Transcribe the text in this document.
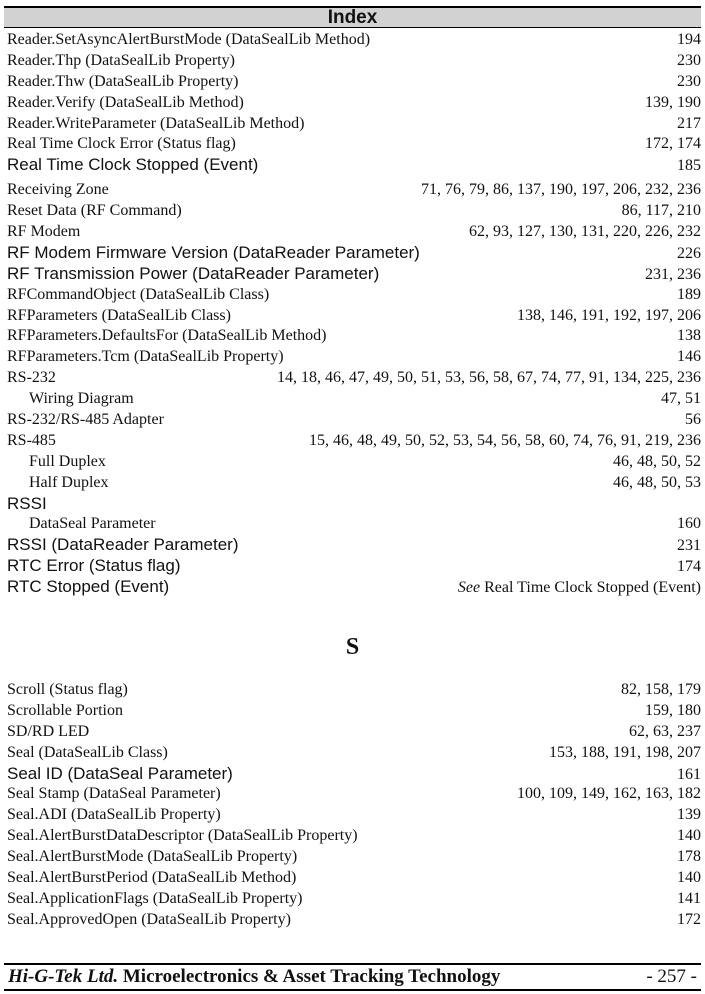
Index
Reader.SetAsyncAlertBurstMode (DataSealLib Method)	194
Reader.Thp (DataSealLib Property)	230
Reader.Thw (DataSealLib Property)	230
Reader.Verify (DataSealLib Method)	139, 190
Reader.WriteParameter (DataSealLib Method)	217
Real Time Clock Error (Status flag)	172, 174
Real Time Clock Stopped (Event)	185
Receiving Zone	71, 76, 79, 86, 137, 190, 197, 206, 232, 236
Reset Data (RF Command)	86, 117, 210
RF Modem	62, 93, 127, 130, 131, 220, 226, 232
RF Modem Firmware Version (DataReader Parameter)	226
RF Transmission Power (DataReader Parameter)	231, 236
RFCommandObject (DataSealLib Class)	189
RFParameters (DataSealLib Class)	138, 146, 191, 192, 197, 206
RFParameters.DefaultsFor (DataSealLib Method)	138
RFParameters.Tcm (DataSealLib Property)	146
RS-232	14, 18, 46, 47, 49, 50, 51, 53, 56, 58, 67, 74, 77, 91, 134, 225, 236
Wiring Diagram	47, 51
RS-232/RS-485 Adapter	56
RS-485	15, 46, 48, 49, 50, 52, 53, 54, 56, 58, 60, 74, 76, 91, 219, 236
Full Duplex	46, 48, 50, 52
Half Duplex	46, 48, 50, 53
RSSI
DataSeal Parameter	160
RSSI (DataReader Parameter)	231
RTC Error (Status flag)	174
RTC Stopped (Event)	See Real Time Clock Stopped (Event)
S
Scroll (Status flag)	82, 158, 179
Scrollable Portion	159, 180
SD/RD LED	62, 63, 237
Seal (DataSealLib Class)	153, 188, 191, 198, 207
Seal ID (DataSeal Parameter)	161
Seal Stamp (DataSeal Parameter)	100, 109, 149, 162, 163, 182
Seal.ADI (DataSealLib Property)	139
Seal.AlertBurstDataDescriptor (DataSealLib Property)	140
Seal.AlertBurstMode (DataSealLib Property)	178
Seal.AlertBurstPeriod (DataSealLib Method)	140
Seal.ApplicationFlags (DataSealLib Property)	141
Seal.ApprovedOpen (DataSealLib Property)	172
Hi-G-Tek Ltd. Microelectronics & Asset Tracking Technology	- 257 -
